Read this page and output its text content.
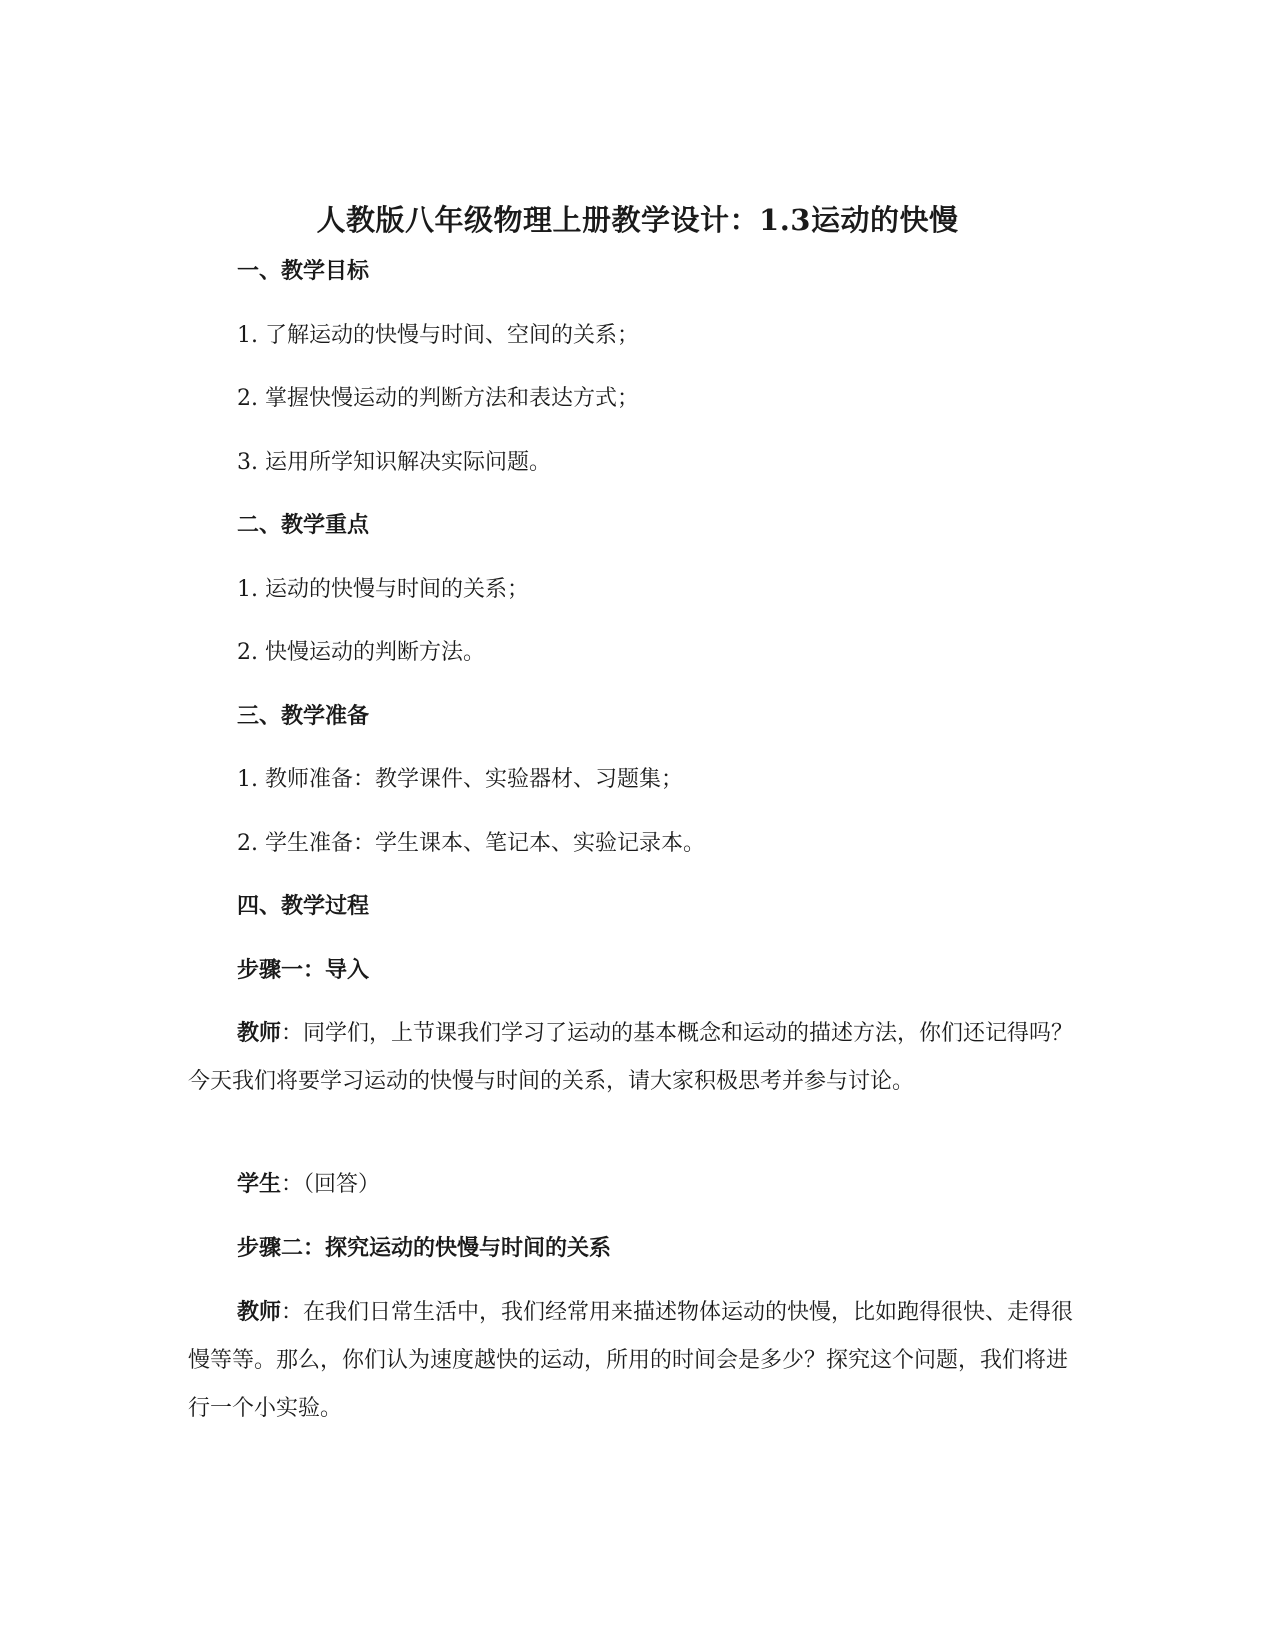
人教版八年级物理上册教学设计：1.3运动的快慢
一、教学目标
1. 了解运动的快慢与时间、空间的关系；
2. 掌握快慢运动的判断方法和表达方式；
3. 运用所学知识解决实际问题。
二、教学重点
1. 运动的快慢与时间的关系；
2. 快慢运动的判断方法。
三、教学准备
1. 教师准备：教学课件、实验器材、习题集；
2. 学生准备：学生课本、笔记本、实验记录本。
四、教学过程
步骤一：导入
教师：同学们，上节课我们学习了运动的基本概念和运动的描述方法，你们还记得吗？今天我们将要学习运动的快慢与时间的关系，请大家积极思考并参与讨论。
学生：（回答）
步骤二：探究运动的快慢与时间的关系
教师：在我们日常生活中，我们经常用来描述物体运动的快慢，比如跑得很快、走得很慢等等。那么，你们认为速度越快的运动，所用的时间会是多少？探究这个问题，我们将进行一个小实验。
